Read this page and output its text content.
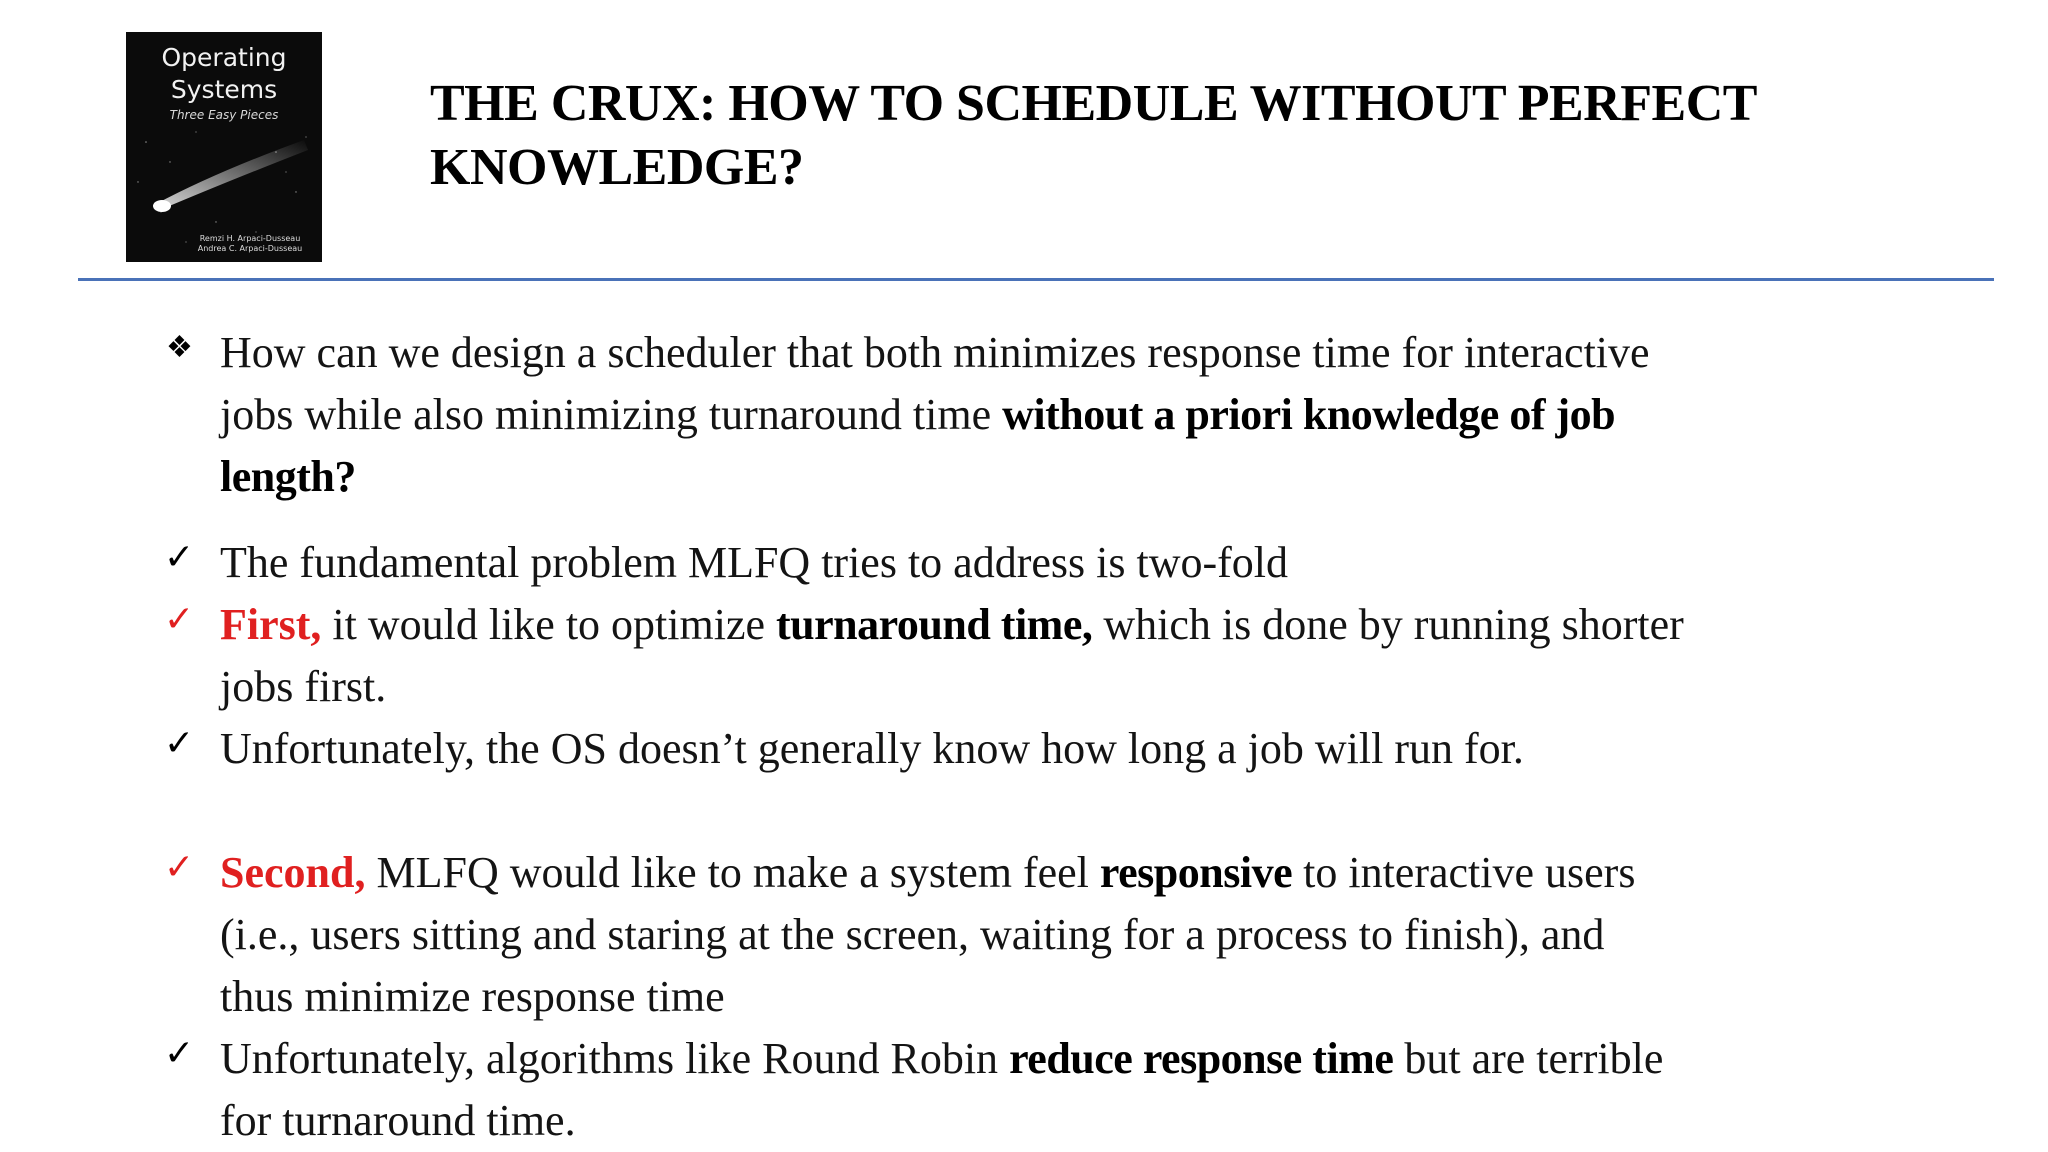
Operating
Systems
Three Easy Pieces
Remzi H. Arpaci-Dusseau
Andrea C. Arpaci-Dusseau
THE CRUX: HOW TO SCHEDULE WITHOUT PERFECT
KNOWLEDGE?
❖ How can we design a scheduler that both minimizes response time for interactive
jobs while also minimizing turnaround time without a priori knowledge of job
length?
✓ The fundamental problem MLFQ tries to address is two-fold
✓ First, it would like to optimize turnaround time, which is done by running shorter
jobs first.
✓ Unfortunately, the OS doesn’t generally know how long a job will run for.
✓ Second, MLFQ would like to make a system feel responsive to interactive users
(i.e., users sitting and staring at the screen, waiting for a process to finish), and
thus minimize response time
✓ Unfortunately, algorithms like Round Robin reduce response time but are terrible
for turnaround time.
